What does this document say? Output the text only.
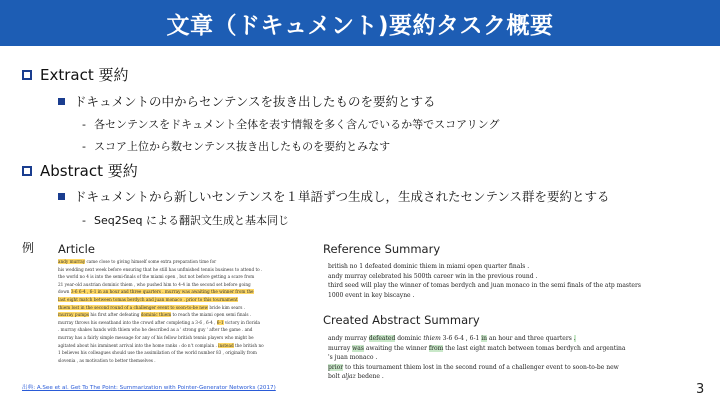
文章（ドキュメント)要約タスク概要
Extract 要約
ドキュメントの中からセンテンスを抜き出したものを要約とする
- 各センテンスをドキュメント全体を表す情報を多く含んでいるか等でスコアリング
- スコア上位から数センテンス抜き出したものを要約とみなす
Abstract 要約
ドキュメントから新しいセンテンスを１単語ずつ生成し，生成されたセンテンス群を要約とする
- Seq2Seq による翻訳文生成と基本同じ
例 Article
andy murray came close to giving himself some extra preparation time for
his wedding next week before ensuring that he still has unfinished tennis business to attend to .
the world no 4 is into the semi-finals of the miami open , but not before getting a scare from
21 year-old austrian dominic thiem , who pushed him to 4-4 in the second set before going
down 3-6 6-4 , 6-1 in an hour and three quarters . murray was awaiting the winner from the
last eight match between tomas berdych and juan monaco . prior to this tournament
thiem lost in the second round of a challenger event to soon-to-be new bride kim sears .
murray pumps his first after defeating dominic thiem to reach the miami open semi finals .
murray throws his sweatband into the crowd after completing a 3-6 , 6-4 , 6-1 victory in florida
. murray shakes hands with thiem who he described as a ' strong guy ' after the game . and
murray has a fairly simple message for any of his fellow british tennis players who might be
agitated about his imminent arrival into the home ranks : do n't complain . instead the british no
1 believes his colleagues should use the assimilation of the world number 83 , originally from
slovenia , as motivation to better themselves .
Reference Summary
british no 1 defeated dominic thiem in miami open quarter finals .
andy murray celebrated his 500th career win in the previous round .
third seed will play the winner of tomas berdych and juan monaco in the semi finals of the atp masters
1000 event in key biscayne .
Created Abstract Summary
andy murray defeated dominic thiem 3-6 6-4 , 6-1 in an hour and three quarters .
murray was awaiting the winner from the last eight match between tomas berdych and argentina
's juan monaco .
prior to this tournament thiem lost in the second round of a challenger event to soon-to-be new
bolt aljaz bedene .
出典: A.See et al. Get To The Point: Summarization with Pointer-Generator Networks (2017)	3
